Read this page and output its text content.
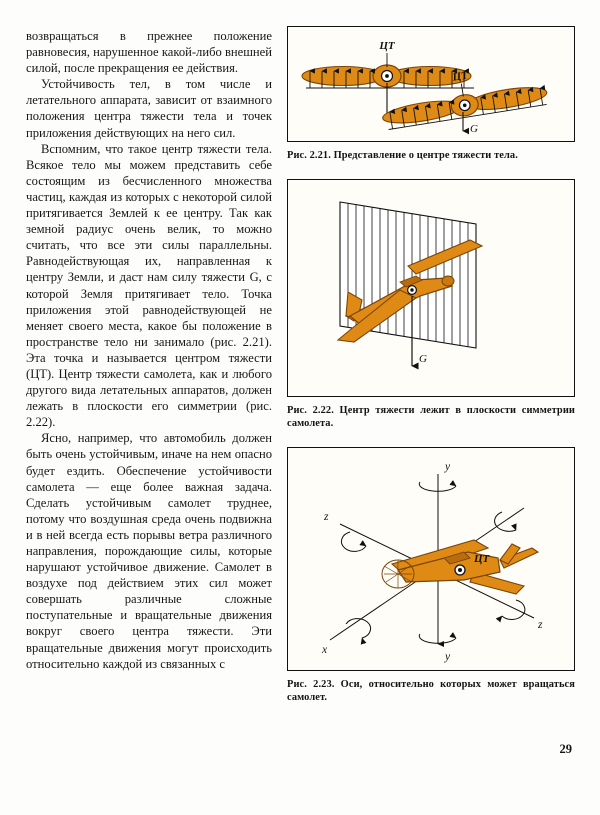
возвращаться в прежнее положение равновесия, нарушенное какой-либо внешней силой, после прекращения ее действия.

Устойчивость тел, в том числе и летательного аппарата, зависит от взаимного положения центра тяжести тела и точек приложения действующих на него сил.

Вспомним, что такое центр тяжести тела. Всякое тело мы можем представить себе состоящим из бесчисленного множества частиц, каждая из которых с некоторой силой притягивается Землей к ее центру. Так как земной радиус очень велик, то можно считать, что все эти силы параллельны. Равнодействующая их, направленная к центру Земли, и даст нам силу тяжести G, с которой Земля притягивает тело. Точка приложения этой равнодействующей не меняет своего места, какое бы положение в пространстве тело ни занимало (рис. 2.21). Эта точка и называется центром тяжести (ЦТ). Центр тяжести самолета, как и любого другого вида летательных аппаратов, должен лежать в плоскости его симметрии (рис. 2.22).

Ясно, например, что автомобиль должен быть очень устойчивым, иначе на нем опасно будет ездить. Обеспечение устойчивости самолета — еще более важная задача. Сделать устойчивым самолет труднее, потому что воздушная среда очень подвижна и в ней всегда есть порывы ветра различного направления, порождающие силы, которые нарушают устойчивое движение. Самолет в воздухе под действием этих сил может совершать различные сложные поступательные и вращательные движения вокруг своего центра тяжести. Эти вращательные движения могут происходить относительно каждой из связанных с

ЦТ
ЦТ
G
Рис. 2.21. Представление о центре тяжести тела.
G
Рис. 2.22. Центр тяжести лежит в плоскости симметрии самолета.
y
y
x
z
z
ЦТ
Рис. 2.23. Оси, относительно которых может вращаться самолет.
29
